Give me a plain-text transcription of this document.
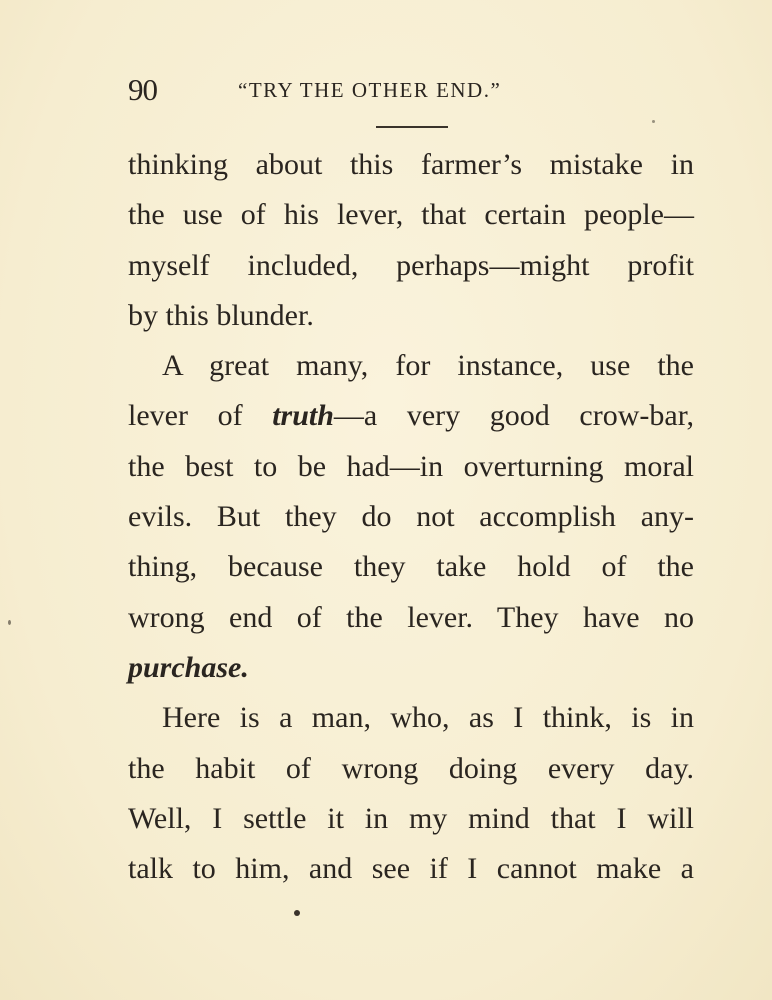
90	“TRY THE OTHER END.”
thinking about this farmer’s mistake in
the use of his lever, that certain people—
myself included, perhaps—might profit
by this blunder.
A great many, for instance, use the
lever of truth—a very good crow-bar,
the best to be had—in overturning moral
evils. But they do not accomplish any-
thing, because they take hold of the
wrong end of the lever. They have no
purchase.
Here is a man, who, as I think, is in
the habit of wrong doing every day.
Well, I settle it in my mind that I will
talk to him, and see if I cannot make a
